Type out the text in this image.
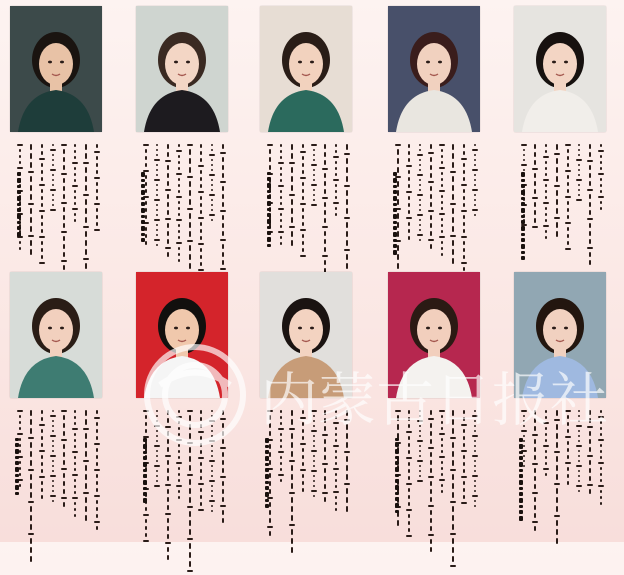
内蒙古日报社
